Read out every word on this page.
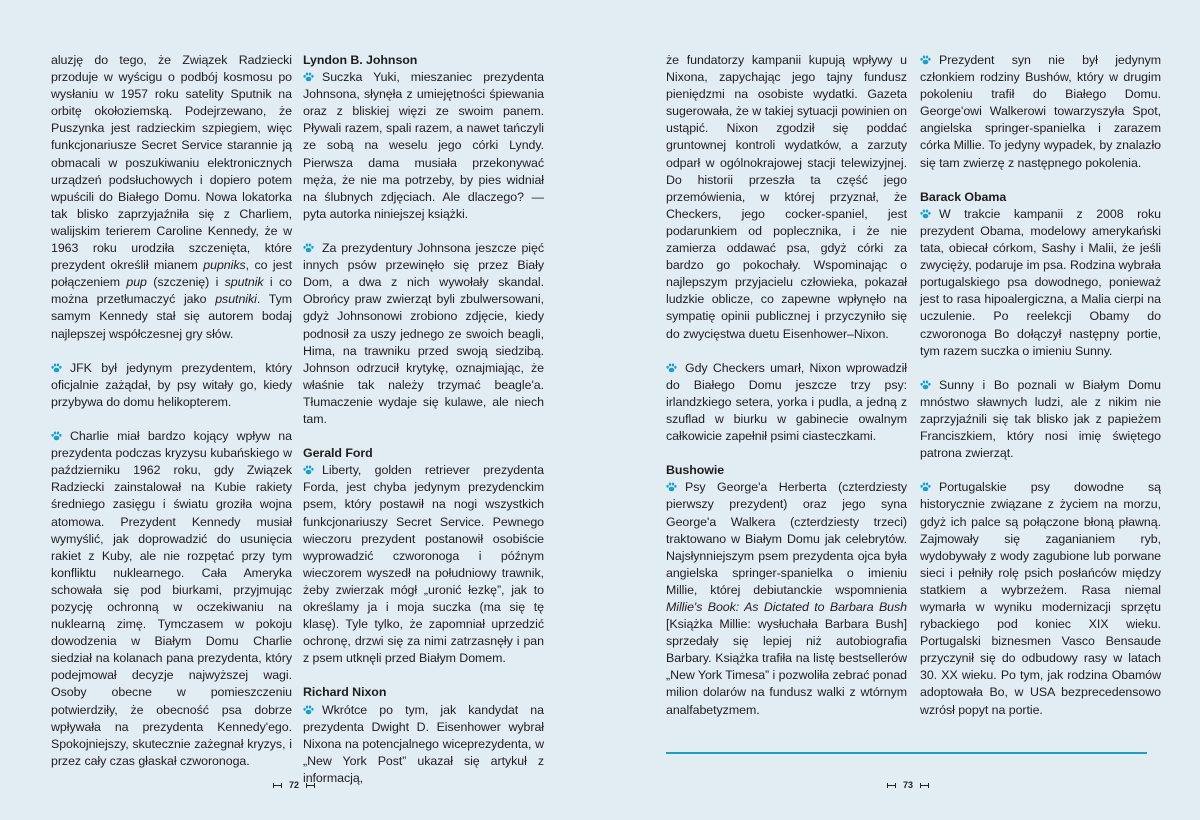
aluzję do tego, że Związek Radziecki przoduje w wyścigu o podbój kosmosu po wysłaniu w 1957 roku satelity Sputnik na orbitę okołoziemską. Podejrzewano, że Puszynka jest radzieckim szpiegiem, więc funkcjonariusze Secret Service starannie ją obmacali w poszukiwaniu elektronicznych urządzeń podsłuchowych i dopiero potem wpuścili do Białego Domu. Nowa lokatorka tak blisko zaprzyjaźniła się z Charliem, walijskim terierem Caroline Kennedy, że w 1963 roku urodziła szczenięta, które prezydent określił mianem pupniks, co jest połączeniem pup (szczenię) i sputnik i co można przetłumaczyć jako psutniki. Tym samym Kennedy stał się autorem bodaj najlepszej współczesnej gry słów.

JFK był jedynym prezydentem, który oficjalnie zażądał, by psy witały go, kiedy przybywa do domu helikopterem.

Charlie miał bardzo kojący wpływ na prezydenta podczas kryzysu kubańskiego w październiku 1962 roku, gdy Związek Radziecki zainstalował na Kubie rakiety średniego zasięgu i światu groziła wojna atomowa. Prezydent Kennedy musiał wymyślić, jak doprowadzić do usunięcia rakiet z Kuby, ale nie rozpętać przy tym konfliktu nuklearnego. Cała Ameryka schowała się pod biurkami, przyjmując pozycję ochronną w oczekiwaniu na nuklearną zimę. Tymczasem w pokoju dowodzenia w Białym Domu Charlie siedział na kolanach pana prezydenta, który podejmował decyzje najwyższej wagi. Osoby obecne w pomieszczeniu potwierdziły, że obecność psa dobrze wpływała na prezydenta Kennedy'ego. Spokojniejszy, skutecznie zażegnał kryzys, i przez cały czas głaskał czworonoga.

Lyndon B. Johnson

Suczka Yuki, mieszaniec prezydenta Johnsona, słynęła z umiejętności śpiewania oraz z bliskiej więzi ze swoim panem. Pływali razem, spali razem, a nawet tańczyli ze sobą na weselu jego córki Lyndy. Pierwsza dama musiała przekonywać męża, że nie ma potrzeby, by pies widniał na ślubnych zdjęciach. Ale dlaczego? — pyta autorka niniejszej książki.

Za prezydentury Johnsona jeszcze pięć innych psów przewinęło się przez Biały Dom, a dwa z nich wywołały skandal. Obrońcy praw zwierząt byli zbulwersowani, gdyż Johnsonowi zrobiono zdjęcie, kiedy podnosił za uszy jednego ze swoich beagli, Hima, na trawniku przed swoją siedzibą. Johnson odrzucił krytykę, oznajmiając, że właśnie tak należy trzymać beagle'a. Tłumaczenie wydaje się kulawe, ale niech tam.

Gerald Ford

Liberty, golden retriever prezydenta Forda, jest chyba jedynym prezydenckim psem, który postawił na nogi wszystkich funkcjonariuszy Secret Service. Pewnego wieczoru prezydent postanowił osobiście wyprowadzić czworonoga i późnym wieczorem wyszedł na południowy trawnik, żeby zwierzak mógł „uronić łezkę”, jak to określamy ja i moja suczka (ma się tę klasę). Tyle tylko, że zapomniał uprzedzić ochronę, drzwi się za nimi zatrzasnęły i pan z psem utknęli przed Białym Domem.

Richard Nixon

Wkrótce po tym, jak kandydat na prezydenta Dwight D. Eisenhower wybrał Nixona na potencjalnego wiceprezydenta, w „New York Post” ukazał się artykuł z informacją,

72

że fundatorzy kampanii kupują wpływy u Nixona, zapychając jego tajny fundusz pieniędzmi na osobiste wydatki. Gazeta sugerowała, że w takiej sytuacji powinien on ustąpić. Nixon zgodził się poddać gruntownej kontroli wydatków, a zarzuty odparł w ogólnokrajowej stacji telewizyjnej. Do historii przeszła ta część jego przemówienia, w której przyznał, że Checkers, jego cocker-spaniel, jest podarunkiem od poplecznika, i że nie zamierza oddawać psa, gdyż córki za bardzo go pokochały. Wspominając o najlepszym przyjacielu człowieka, pokazał ludzkie oblicze, co zapewne wpłynęło na sympatię opinii publicznej i przyczyniło się do zwycięstwa duetu Eisenhower–Nixon.

Gdy Checkers umarł, Nixon wprowadził do Białego Domu jeszcze trzy psy: irlandzkiego setera, yorka i pudla, a jedną z szuflad w biurku w gabinecie owalnym całkowicie zapełnił psimi ciasteczkami.

Bushowie

Psy George'a Herberta (czterdziesty pierwszy prezydent) oraz jego syna George'a Walkera (czterdziesty trzeci) traktowano w Białym Domu jak celebrytów. Najsłynniejszym psem prezydenta ojca była angielska springer-spanielka o imieniu Millie, której debiutanckie wspomnienia Millie's Book: As Dictated to Barbara Bush [Książka Millie: wysłuchała Barbara Bush] sprzedały się lepiej niż autobiografia Barbary. Książka trafiła na listę bestsellerów „New York Timesa” i pozwoliła zebrać ponad milion dolarów na fundusz walki z wtórnym analfabetyzmem.

Prezydent syn nie był jedynym członkiem rodziny Bushów, który w drugim pokoleniu trafił do Białego Domu. George'owi Walkerowi towarzyszyła Spot, angielska springer-spanielka i zarazem córka Millie. To jedyny wypadek, by znalazło się tam zwierzę z następnego pokolenia.

Barack Obama

W trakcie kampanii z 2008 roku prezydent Obama, modelowy amerykański tata, obiecał córkom, Sashy i Malii, że jeśli zwycięży, podaruje im psa. Rodzina wybrała portugalskiego psa dowodnego, ponieważ jest to rasa hipoalergiczna, a Malia cierpi na uczulenie. Po reelekcji Obamy do czworonoga Bo dołączył następny portie, tym razem suczka o imieniu Sunny.

Sunny i Bo poznali w Białym Domu mnóstwo sławnych ludzi, ale z nikim nie zaprzyjaźnili się tak blisko jak z papieżem Franciszkiem, który nosi imię świętego patrona zwierząt.

Portugalskie psy dowodne są historycznie związane z życiem na morzu, gdyż ich palce są połączone błoną pławną. Zajmowały się zaganianiem ryb, wydobywały z wody zagubione lub porwane sieci i pełniły rolę psich posłańców między statkiem a wybrzeżem. Rasa niemal wymarła w wyniku modernizacji sprzętu rybackiego pod koniec XIX wieku. Portugalski biznesmen Vasco Bensaude przyczynił się do odbudowy rasy w latach 30. XX wieku. Po tym, jak rodzina Obamów adoptowała Bo, w USA bezprecedensowo wzrósł popyt na portie.

73
